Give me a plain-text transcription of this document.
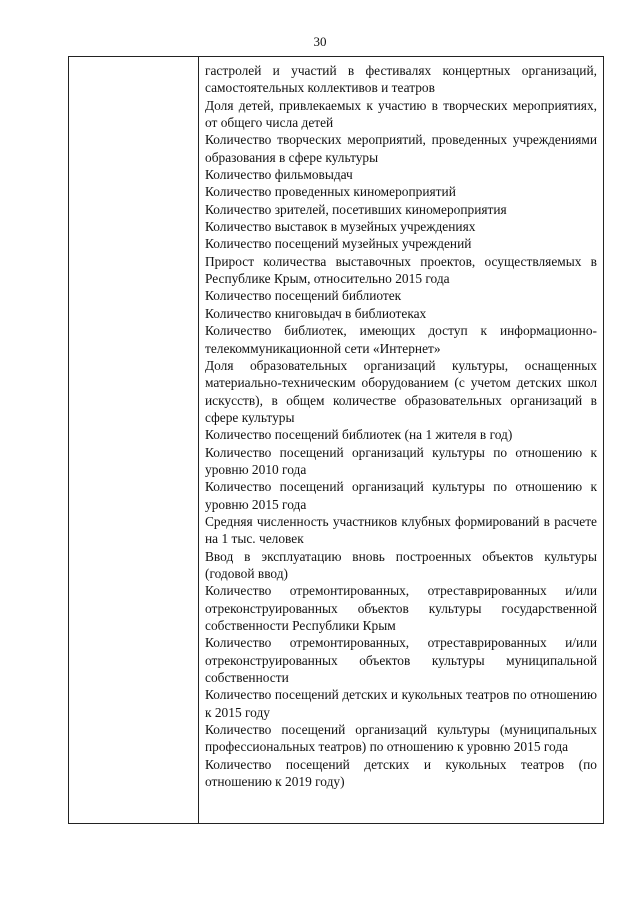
30
гастролей и участий в фестивалях концертных организаций, самостоятельных коллективов и театров
Доля детей, привлекаемых к участию в творческих мероприятиях, от общего числа детей
Количество творческих мероприятий, проведенных учреждениями образования в сфере культуры
Количество фильмовыдач
Количество проведенных киномероприятий
Количество зрителей, посетивших киномероприятия
Количество выставок в музейных учреждениях
Количество посещений музейных учреждений
Прирост количества выставочных проектов, осуществляемых в Республике Крым, относительно 2015 года
Количество посещений библиотек
Количество книговыдач в библиотеках
Количество библиотек, имеющих доступ к информационно-телекоммуникационной сети «Интернет»
Доля образовательных организаций культуры, оснащенных материально-техническим оборудованием (с учетом детских школ искусств), в общем количестве образовательных организаций в сфере культуры
Количество посещений библиотек (на 1 жителя в год)
Количество посещений организаций культуры по отношению к уровню 2010 года
Количество посещений организаций культуры по отношению к уровню 2015 года
Средняя численность участников клубных формирований в расчете на 1 тыс. человек
Ввод в эксплуатацию вновь построенных объектов культуры (годовой ввод)
Количество отремонтированных, отреставрированных и/или отреконструированных объектов культуры государственной собственности Республики Крым
Количество отремонтированных, отреставрированных и/или отреконструированных объектов культуры муниципальной собственности
Количество посещений детских и кукольных театров по отношению к 2015 году
Количество посещений организаций культуры (муниципальных профессиональных театров) по отношению к уровню 2015 года
Количество посещений детских и кукольных театров (по отношению к 2019 году)
